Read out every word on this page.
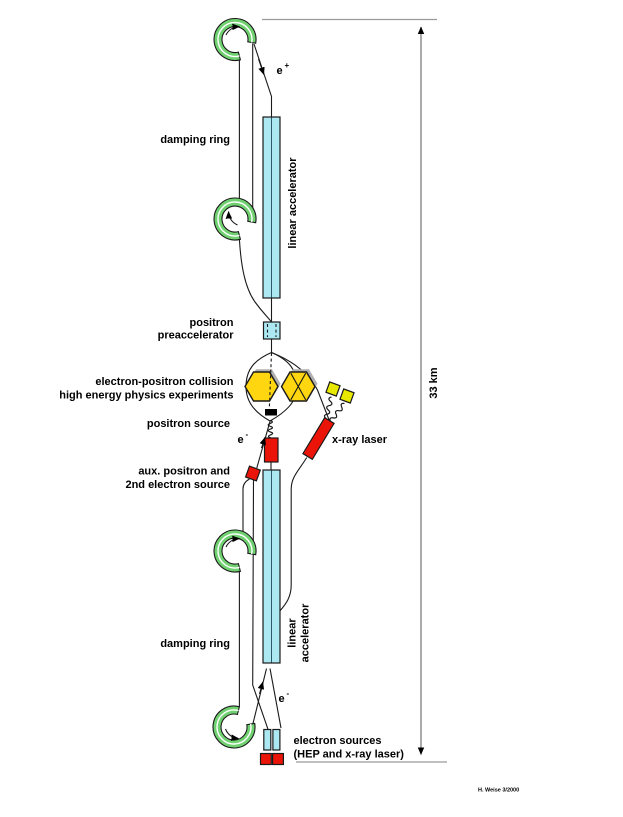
damping ring
e +
linear accelerator
positron
preaccelerator
electron-positron collision
high energy physics experiments
positron source
e -
aux. positron and
2nd electron source
x-ray laser
damping ring	linear accelerator
electron sources
(HEP and x-ray laser)
e -
33 km
H. Weise 3/2000
